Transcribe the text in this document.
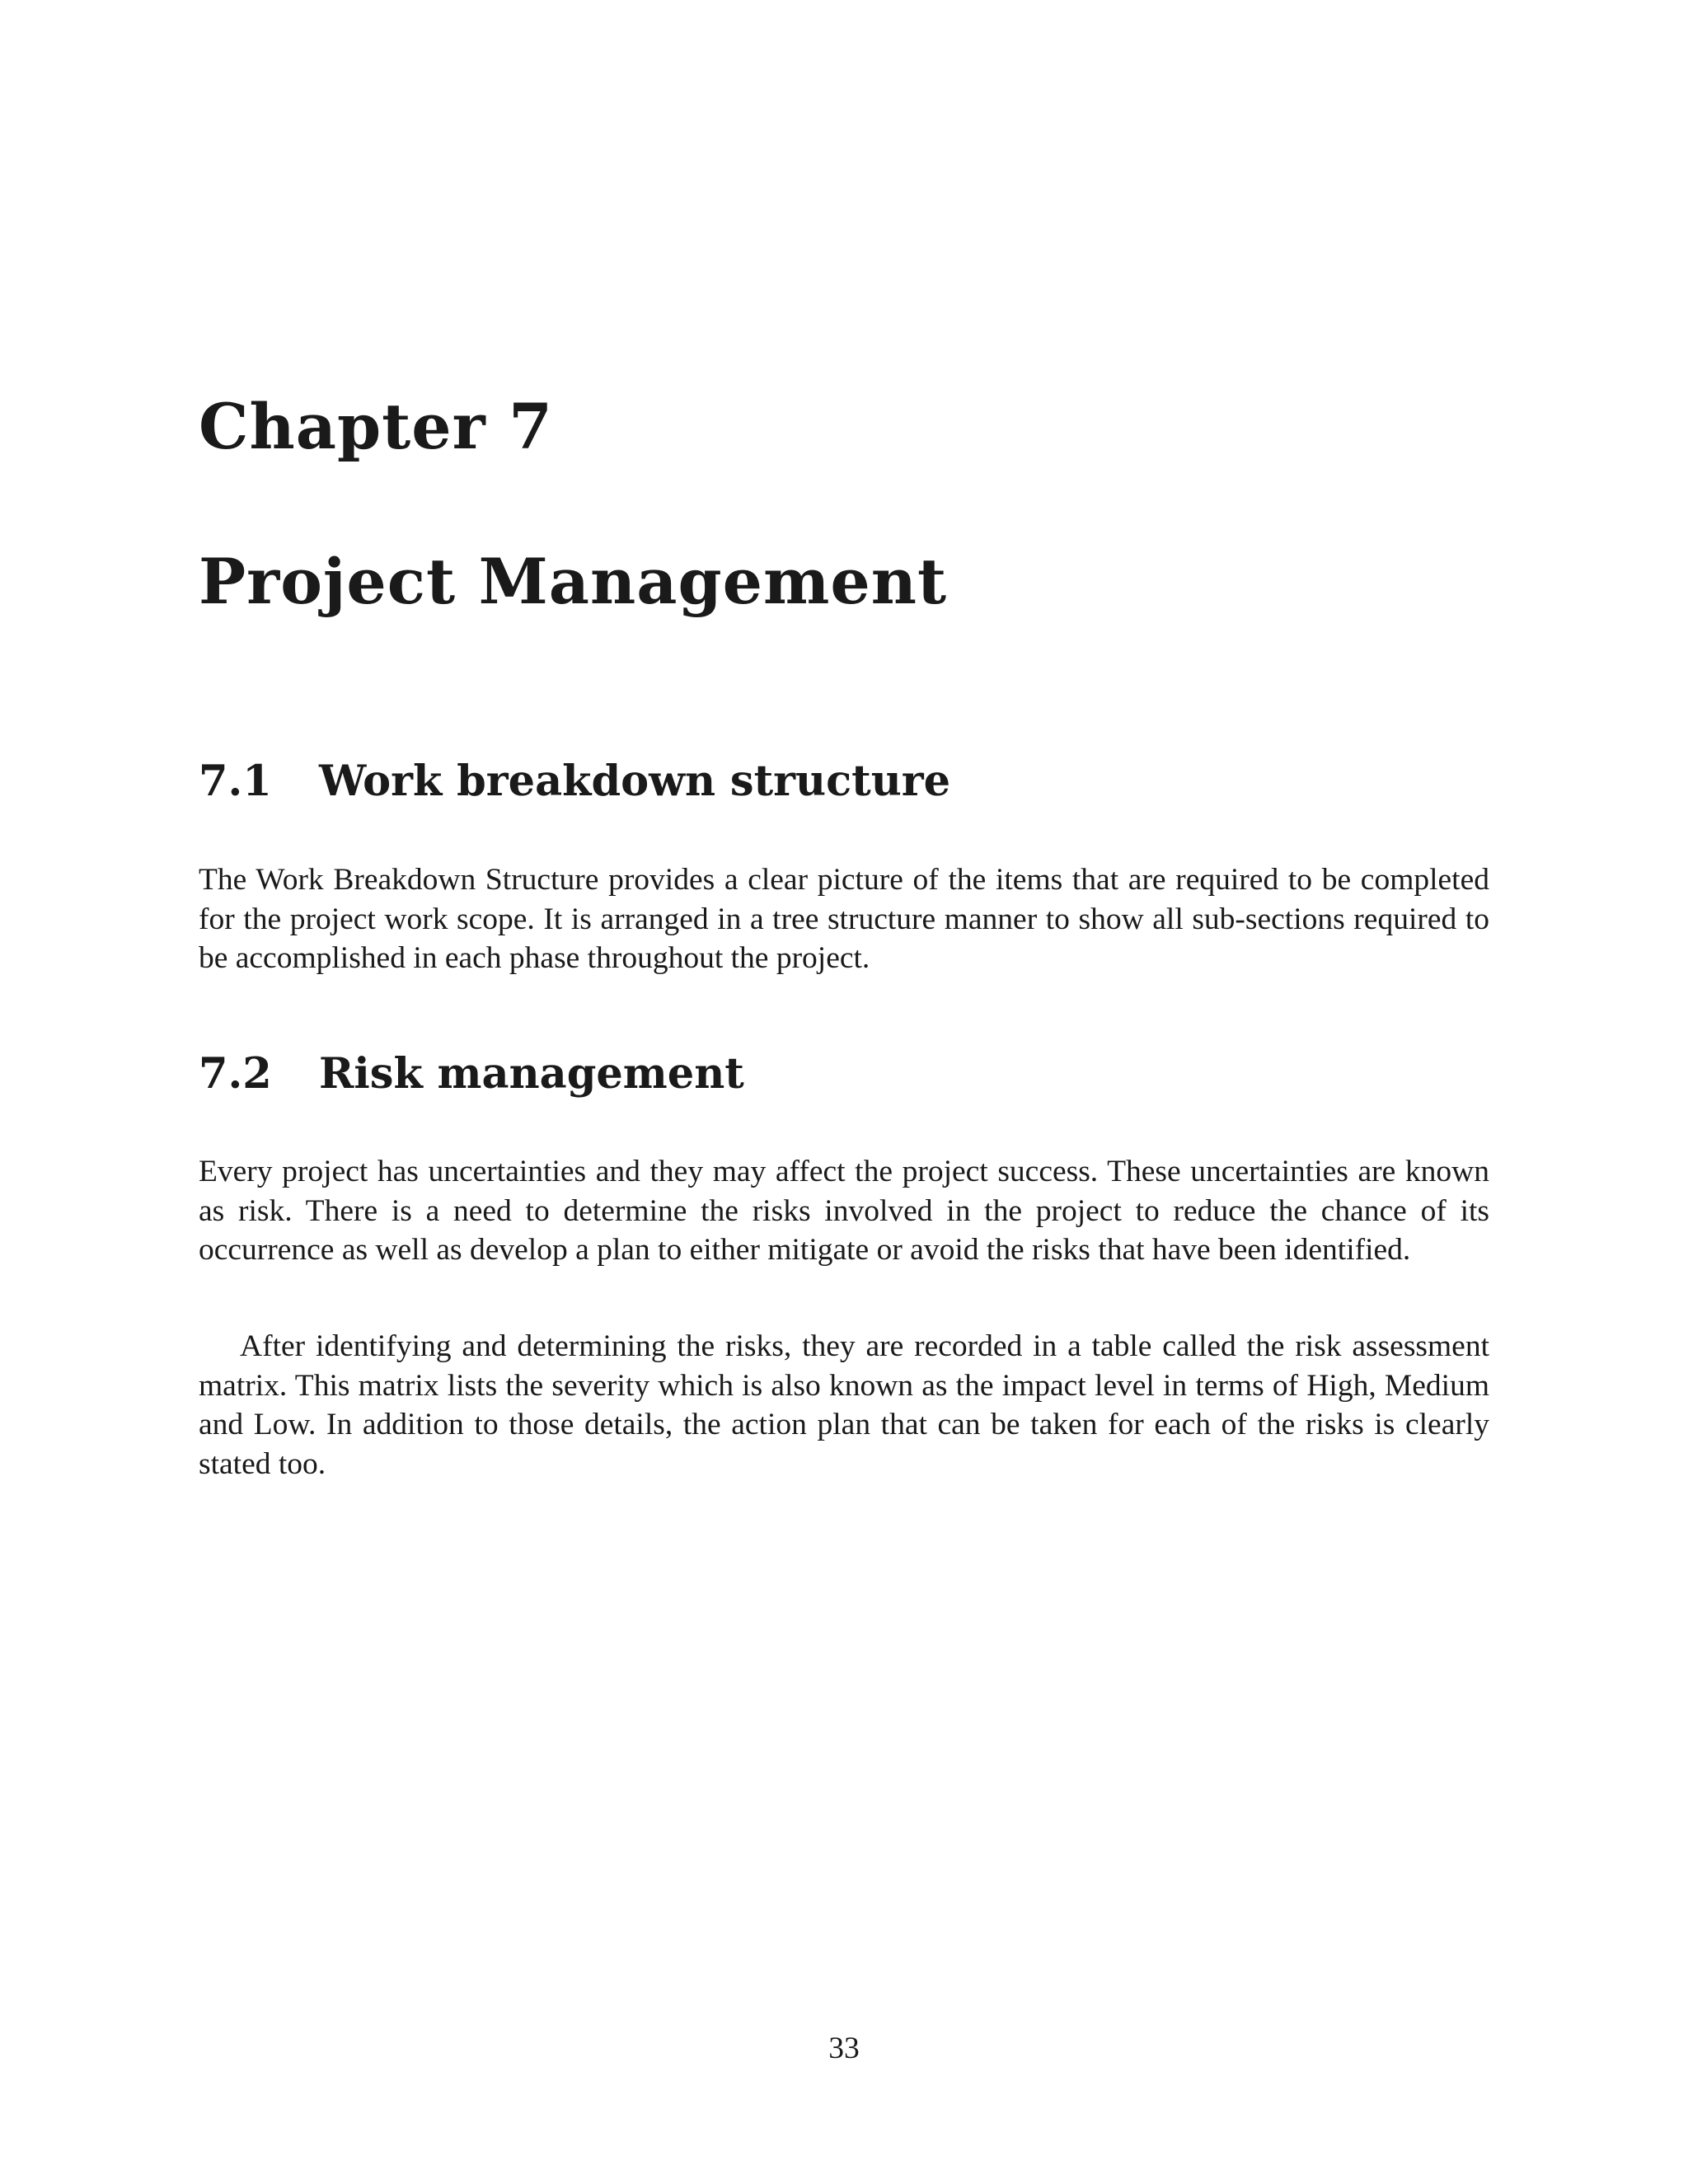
Chapter 7
Project Management
7.1 Work breakdown structure

The Work Breakdown Structure provides a clear picture of the items that are required to be completed for the project work scope. It is arranged in a tree structure manner to show all sub-sections required to be accomplished in each phase throughout the project.

7.2 Risk management

Every project has uncertainties and they may affect the project success. These uncertainties are known as risk. There is a need to determine the risks involved in the project to reduce the chance of its occurrence as well as develop a plan to either mitigate or avoid the risks that have been identified.

After identifying and determining the risks, they are recorded in a table called the risk assessment matrix. This matrix lists the severity which is also known as the impact level in terms of High, Medium and Low. In addition to those details, the action plan that can be taken for each of the risks is clearly stated too.

33
